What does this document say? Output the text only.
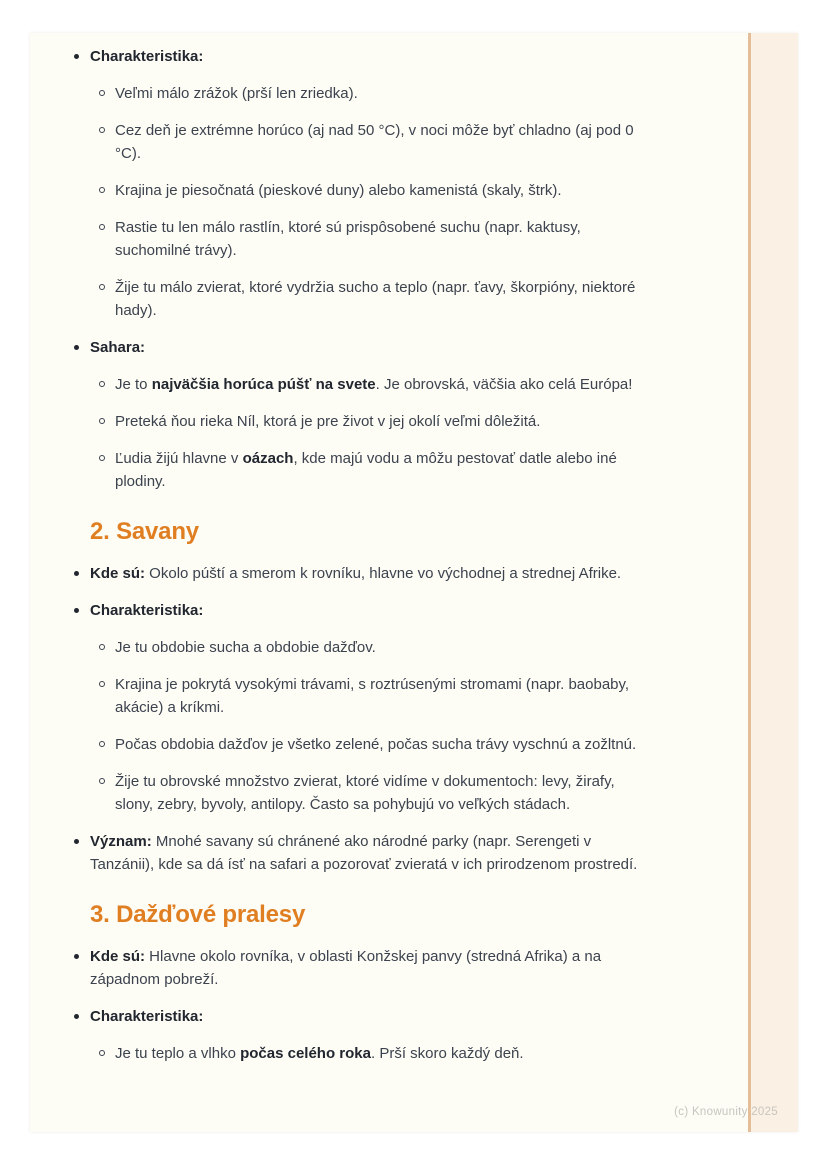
Charakteristika:
Veľmi málo zrážok (prší len zriedka).
Cez deň je extrémne horúco (aj nad 50 °C), v noci môže byť chladno (aj pod 0 °C).
Krajina je piesočnatá (pieskové duny) alebo kamenistá (skaly, štrk).
Rastie tu len málo rastlín, ktoré sú prispôsobené suchu (napr. kaktusy, suchomilné trávy).
Žije tu málo zvierat, ktoré vydržia sucho a teplo (napr. ťavy, škorpióny, niektoré hady).
Sahara:
Je to najväčšia horúca púšť na svete. Je obrovská, väčšia ako celá Európa!
Preteká ňou rieka Níl, ktorá je pre život v jej okolí veľmi dôležitá.
Ľudia žijú hlavne v oázach, kde majú vodu a môžu pestovať datle alebo iné plodiny.
2. Savany
Kde sú: Okolo púští a smerom k rovníku, hlavne vo východnej a strednej Afrike.
Charakteristika:
Je tu obdobie sucha a obdobie dažďov.
Krajina je pokrytá vysokými trávami, s roztrúsenými stromami (napr. baobaby, akácie) a kríkmi.
Počas obdobia dažďov je všetko zelené, počas sucha trávy vyschnú a zožltnú.
Žije tu obrovské množstvo zvierat, ktoré vidíme v dokumentoch: levy, žirafy, slony, zebry, byvoly, antilopy. Často sa pohybujú vo veľkých stádach.
Význam: Mnohé savany sú chránené ako národné parky (napr. Serengeti v Tanzánii), kde sa dá ísť na safari a pozorovať zvieratá v ich prirodzenom prostredí.
3. Dažďové pralesy
Kde sú: Hlavne okolo rovníka, v oblasti Konžskej panvy (stredná Afrika) a na západnom pobreží.
Charakteristika:
Je tu teplo a vlhko počas celého roka. Prší skoro každý deň.
(c) Knowunity 2025
